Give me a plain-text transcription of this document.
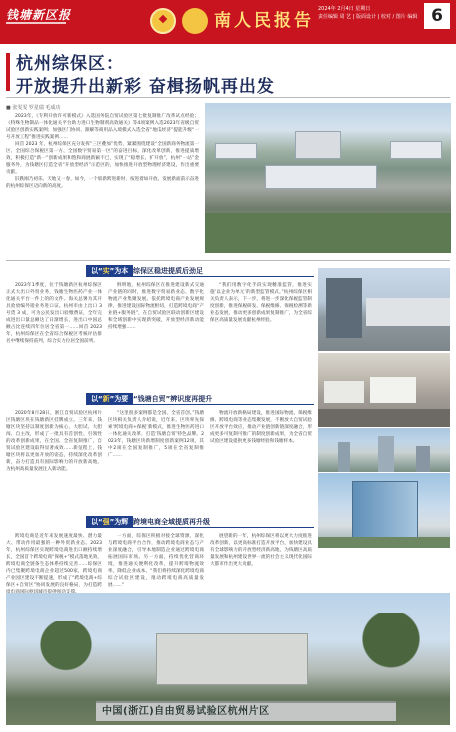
钱塘新区报	南人民报告
2024年 2月4日 星期日
责任编辑 周 艺 | 版面设计 | 校对 / 图片 编辑 6
杭州综保区：
开放提升出新彩 奋楫扬帆再出发
■ 张雯雯 罗星瑞 毛成功

2023年，《专利开放许可新模式》入选国务院自贸试验区第七批复制推广改革试点经验；《特殊生物制品一体化通关平台助力进口生物制剂高效通关》等4项案例入选2023年省级自贸试验区创新实践案例；加强区门协同、跟解等商用品入境模式入选全省“地瓜经济”提能升级“一号开放工程”推进实践案例……

回首 2023 年，杭州综保区充分发挥“三区叠加”优势，紧紧围绕建设“全国新商务物流第一区、全国综合保税区第一方、全国数字贸易第一区”的奋进目标，深化改革创新，推进提质增效，积极打造“新一”创新成果和饱和商展新颖不已，实现了“稳增长、扩开放”，杭州“一站”金服务外，为钱塘区打造全省“开放型经济”示范区的，加快推进开放型物理经济建设，作出重要贡献。

旧跌刚乃初乐、天地又一春，如今，一个崭新跨进新时，按进着如开放、发展新面前示奋进的杭州综保区迈向新的高度。

以“实”为本 综保区稳进提质后劲足

2023年1季度，位于钱塘新区杭州综保区正式大出口外贸业务，钱塘生物医药产业一体化通关平台一件上的的文件。海关总署为其开具验放编外销业务进口证。杭州市由上出口 3 号货 3 成，可为公民发出口验缴费证，全年完成进出口量总额达了日渐增长，进出口中国总额占比连续四年位居全省第一……回首 2023 年，杭州综保区在全省综合保税区考核评估排名中继续保持前列，综合实力位居全国前列。

鲜明地，杭州综保区在推进建设新式交通产业链的同时，推进数字贸易新业态、数字化物流产业集聚发展。依托跨境电商产业发展规律，推进建设国际物流枢纽，打造跨境电商“产业链+服务链”，在自贸试验区联动创新区建设和全域创新中实现新突破，开放型经济新动能持续增强……

“我们用数字化手段实现精准监管，推进实施‘以企业为单元’的新型监管模式。”杭州综保区相关负责人表示，下一步，将进一步深化保税监管制度创新，推进保税研发、保税维修、保税检测等新业态发展，推动更多创新成果复制推广，为全省综保区高质量发展贡献杭州经验。

以“新”为要 “钱塘自贸”辨识度再提升

2020年8月28日，浙江自贸试验区杭州片区钱塘区块在钱塘新区挂牌成立。三年来，钱塘区块坚持以制度创新为核心，大胆试、大胆闯、自主改，形成了一批具有首创性、引领性的改革创新成果，在全国、全省复制推广，自贸试验区建设取得显著成效……新征程上，钱塘区块将以更加开放的姿态，持续深化改革创新，奋力打造具有国际影响力的开放新高地，为杭州高质量发展注入新动能。

“这里很多案例都是全国、全省首创。”钱塘区块相关负责人介绍说，近年来，区块率先探索‘跨境电商+保税’新模式，推进生物医药进口一体化通关改革，打造‘钱塘自贸’特色品牌。2023年，钱塘区块新增制度创新案例12项，其中2项在全国复制推广，5项在全省复制推广……

物流开放新格局建设，推进国际物流、保税维修、跨境电商等业态集聚发展，不断放大自贸试验区开放平台效应，推动产业链创新链深度融合，形成更多可复制可推广的制度创新成果，为全省自贸试验区建设提供更多钱塘经验和钱塘样本。

以“强”为辉 跨境电商全域提质再升级

跨境电商是近年来发展速度最快、潜力最大、带动作用最强的一种外贸新业态。2023年，杭州综保区实现跨境电商进出口额持续增长，全国首个跨境电商“保税+”模式落地见效，跨境电商全链条生态体系持续完善……综保区内已集聚跨境电商企业超过500家，跨境电商产业园区建设不断提速，形成了“跨境电商+综保区+自贸区”协同发展的良好格局，为打造跨

一方面，综保区积极对接全球资源，深化与跨境电商平台合作，推动跨境电商业态与产业深度融合，引导本地制造企业通过跨境电商拓展国际市场。另一方面，持续优化营商环境，推进通关便利化改革，提升跨境物流效率，降低企业成本。“我们将持续深化跨境电商综合试验区建设，推动跨境电商高质量发展……”

展望新的一年，杭州综保区将以更大力度推进改革创新，以更高标准打造开放平台，加快建设具有全球影响力的开放型经济新高地，为钱塘区高质量发展和杭州建设世界一流的社会主义现代化国际大都市作出更大贡献。

中国(浙江)自由贸易试验区杭州片区
